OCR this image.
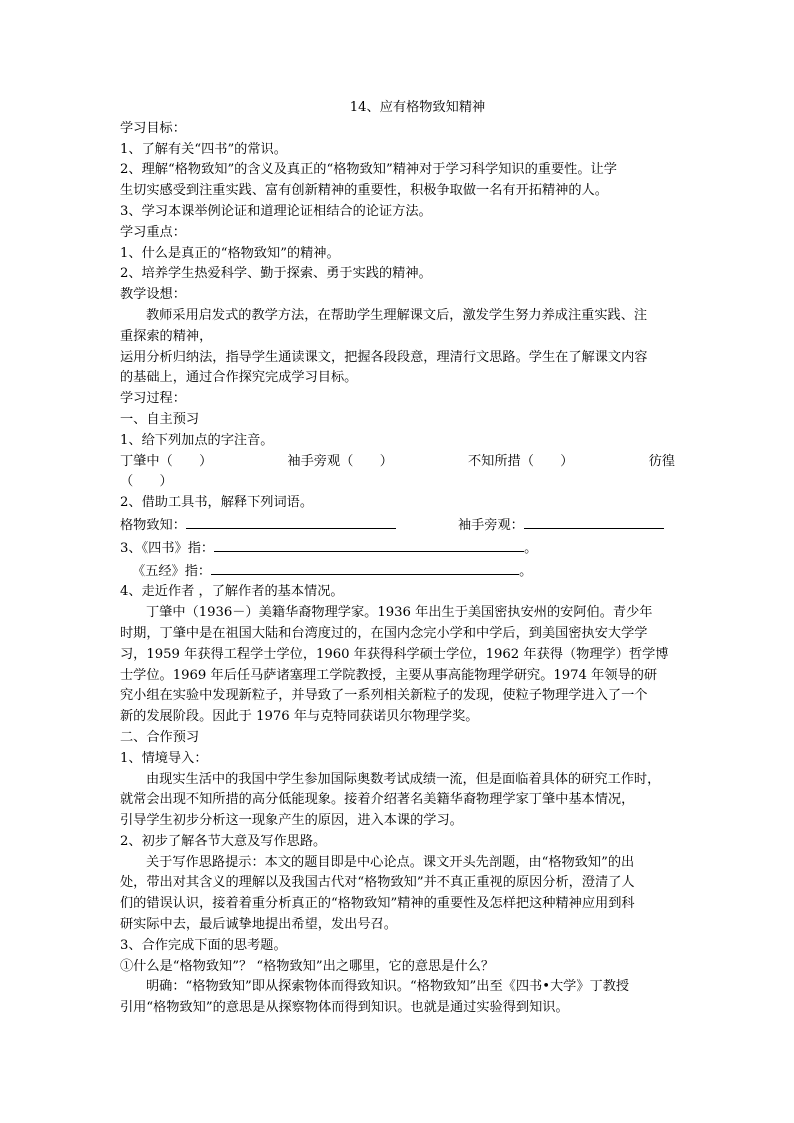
14、应有格物致知精神
学习目标：
1、了解有关“四书”的常识。
2、理解“格物致知”的含义及真正的“格物致知”精神对于学习科学知识的重要性。让学
生切实感受到注重实践、富有创新精神的重要性，积极争取做一名有开拓精神的人。
3、学习本课举例论证和道理论证相结合的论证方法。
学习重点：
1、什么是真正的“格物致知”的精神。
2、培养学生热爱科学、勤于探索、勇于实践的精神。
教学设想：
教师采用启发式的教学方法，在帮助学生理解课文后，激发学生努力养成注重实践、注
重探索的精神，
运用分析归纳法，指导学生通读课文，把握各段段意，理清行文思路。学生在了解课文内容
的基础上，通过合作探究完成学习目标。
学习过程：
一、自主预习
1、给下列加点的字注音。
丁肇中（　　）	袖手旁观（　　）	不知所措（　　）	彷徨
（　　）
2、借助工具书，解释下列词语。
格物致知：	袖手旁观：
3、《四书》指：	。
《五经》指：	。
4、走近作者 ，了解作者的基本情况。
丁肇中（1936－）美籍华裔物理学家。1936 年出生于美国密执安州的安阿伯。青少年
时期，丁肇中是在祖国大陆和台湾度过的，在国内念完小学和中学后，到美国密执安大学学
习，1959 年获得工程学士学位，1960 年获得科学硕士学位，1962 年获得（物理学）哲学博
士学位。1969 年后任马萨诸塞理工学院教授，主要从事高能物理学研究。1974 年领导的研
究小组在实验中发现新粒子，并导致了一系列相关新粒子的发现，使粒子物理学进入了一个
新的发展阶段。因此于 1976 年与克特同获诺贝尔物理学奖。
二、合作预习
1、情境导入：
由现实生活中的我国中学生参加国际奥数考试成绩一流，但是面临着具体的研究工作时，
就常会出现不知所措的高分低能现象。接着介绍著名美籍华裔物理学家丁肇中基本情况，
引导学生初步分析这一现象产生的原因，进入本课的学习。
2、初步了解各节大意及写作思路。
关于写作思路提示：本文的题目即是中心论点。课文开头先剖题，由“格物致知”的出
处，带出对其含义的理解以及我国古代对“格物致知”并不真正重视的原因分析，澄清了人
们的错误认识，接着着重分析真正的“格物致知”精神的重要性及怎样把这种精神应用到科
研实际中去，最后诚挚地提出希望，发出号召。
3、合作完成下面的思考题。
①什么是“格物致知”？ “格物致知”出之哪里，它的意思是什么？
明确：“格物致知”即从探索物体而得致知识。“格物致知”出至《四书•大学》丁教授
引用“格物致知”的意思是从探察物体而得到知识。也就是通过实验得到知识。
